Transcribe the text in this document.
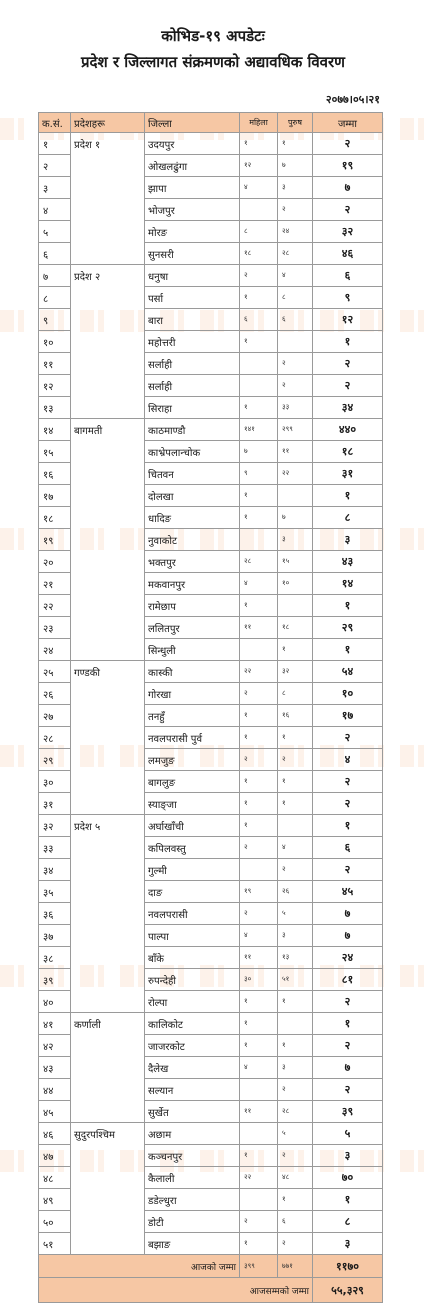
कोभिड-१९ अपडेटः
प्रदेश र जिल्लागत संक्रमणको अद्यावधिक विवरण
२०७७।०५।२१
क.सं.	प्रदेशहरू	जिल्ला	महिला	पुरुष	जम्मा
१	प्रदेश १	उदयपुर	१	१	२
२		ओखलढुंगा	१२	७	१९
३		झापा	४	३	७
४		भोजपुर		२	२
५		मोरङ	८	२४	३२
६		सुनसरी	१८	२८	४६
७	प्रदेश २	धनुषा	२	४	६
८		पर्सा	१	८	९
९		बारा	६	६	१२
१०		महोत्तरी	१		१
११		सर्लाही		२	२
१२		सर्लाही		२	२
१३		सिराहा	१	३३	३४
१४	बागमती	काठमाण्डौ	१४१	२९९	४४०
१५		काभ्रेपलान्चोक	७	११	१८
१६		चितवन	९	२२	३१
१७		दोलखा	१		१
१८		धादिङ	१	७	८
१९		नुवाकोट		३	३
२०		भक्तपुर	२८	१५	४३
२१		मकवानपुर	४	१०	१४
२२		रामेछाप	१		१
२३		ललितपुर	११	१८	२९
२४		सिन्धुली		१	१
२५	गण्डकी	कास्की	२२	३२	५४
२६		गोरखा	२	८	१०
२७		तनहुँ	१	१६	१७
२८		नवलपरासी पुर्व	१	१	२
२९		लमजुङ	२	२	४
३०		बागलुङ	१	१	२
३१		स्याङ्जा	१	१	२
३२	प्रदेश ५	अर्घाखाँची	१		१
३३		कपिलवस्तु	२	४	६
३४		गुल्मी		२	२
३५		दाङ	१९	२६	४५
३६		नवलपरासी	२	५	७
३७		पाल्पा	४	३	७
३८		बाँके	११	१३	२४
३९		रुपन्देही	३०	५१	८१
४०		रोल्पा	१	१	२
४१	कर्णाली	कालिकोट	१		१
४२		जाजरकोट	१	१	२
४३		दैलेख	४	३	७
४४		सल्यान		२	२
४५		सुर्खेत	११	२८	३९
४६	सुदुरपश्चिम	अछाम		५	५
४७		कञ्चनपुर	१	२	३
४८		कैलाली	२२	४८	७०
४९		डडेल्धुरा		१	१
५०		डोटी	२	६	८
५१		बझाङ	१	२	३
आजको जम्मा			३९९	७७१	११७०
आजसम्मको जम्मा					५५,३२९
